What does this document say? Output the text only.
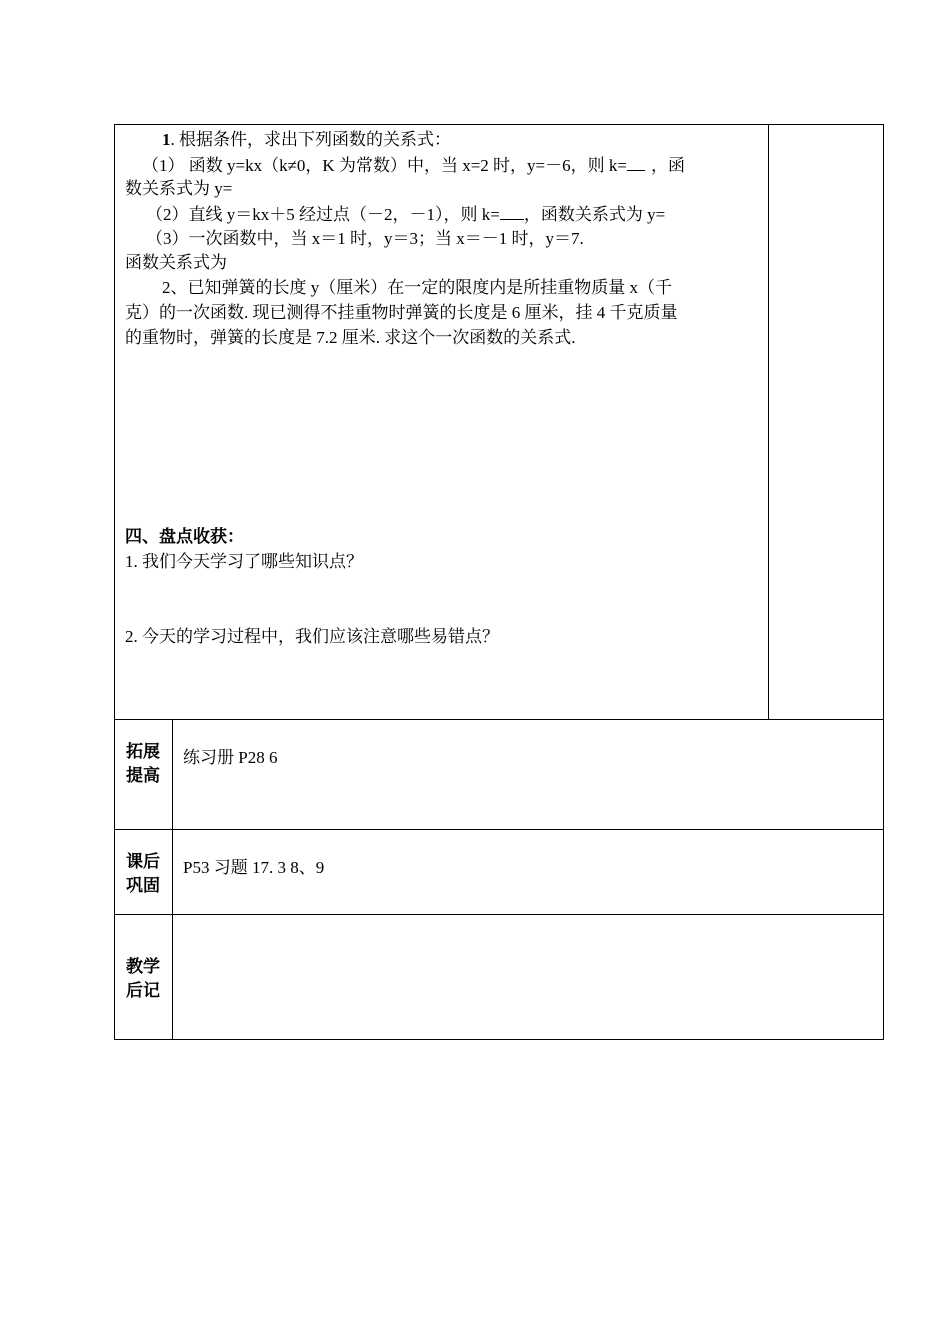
1. 根据条件，求出下列函数的关系式：
（1） 函数 y=kx（k≠0，K 为常数）中，当 x=2 时，y=－6，则 k= ，函
数关系式为 y=
（2）直线 y＝kx＋5 经过点（－2，－1），则 k= ，函数关系式为 y=
（3）一次函数中，当 x＝1 时，y＝3；当 x＝－1 时，y＝7.
函数关系式为
2、已知弹簧的长度 y（厘米）在一定的限度内是所挂重物质量 x（千
克）的一次函数. 现已测得不挂重物时弹簧的长度是 6 厘米，挂 4 千克质量
的重物时，弹簧的长度是 7.2 厘米. 求这个一次函数的关系式.
四、盘点收获：
1. 我们今天学习了哪些知识点？
2. 今天的学习过程中，我们应该注意哪些易错点？
拓展
提高
练习册 P28 6
课后
巩固
P53 习题 17. 3 8、9
教学
后记
